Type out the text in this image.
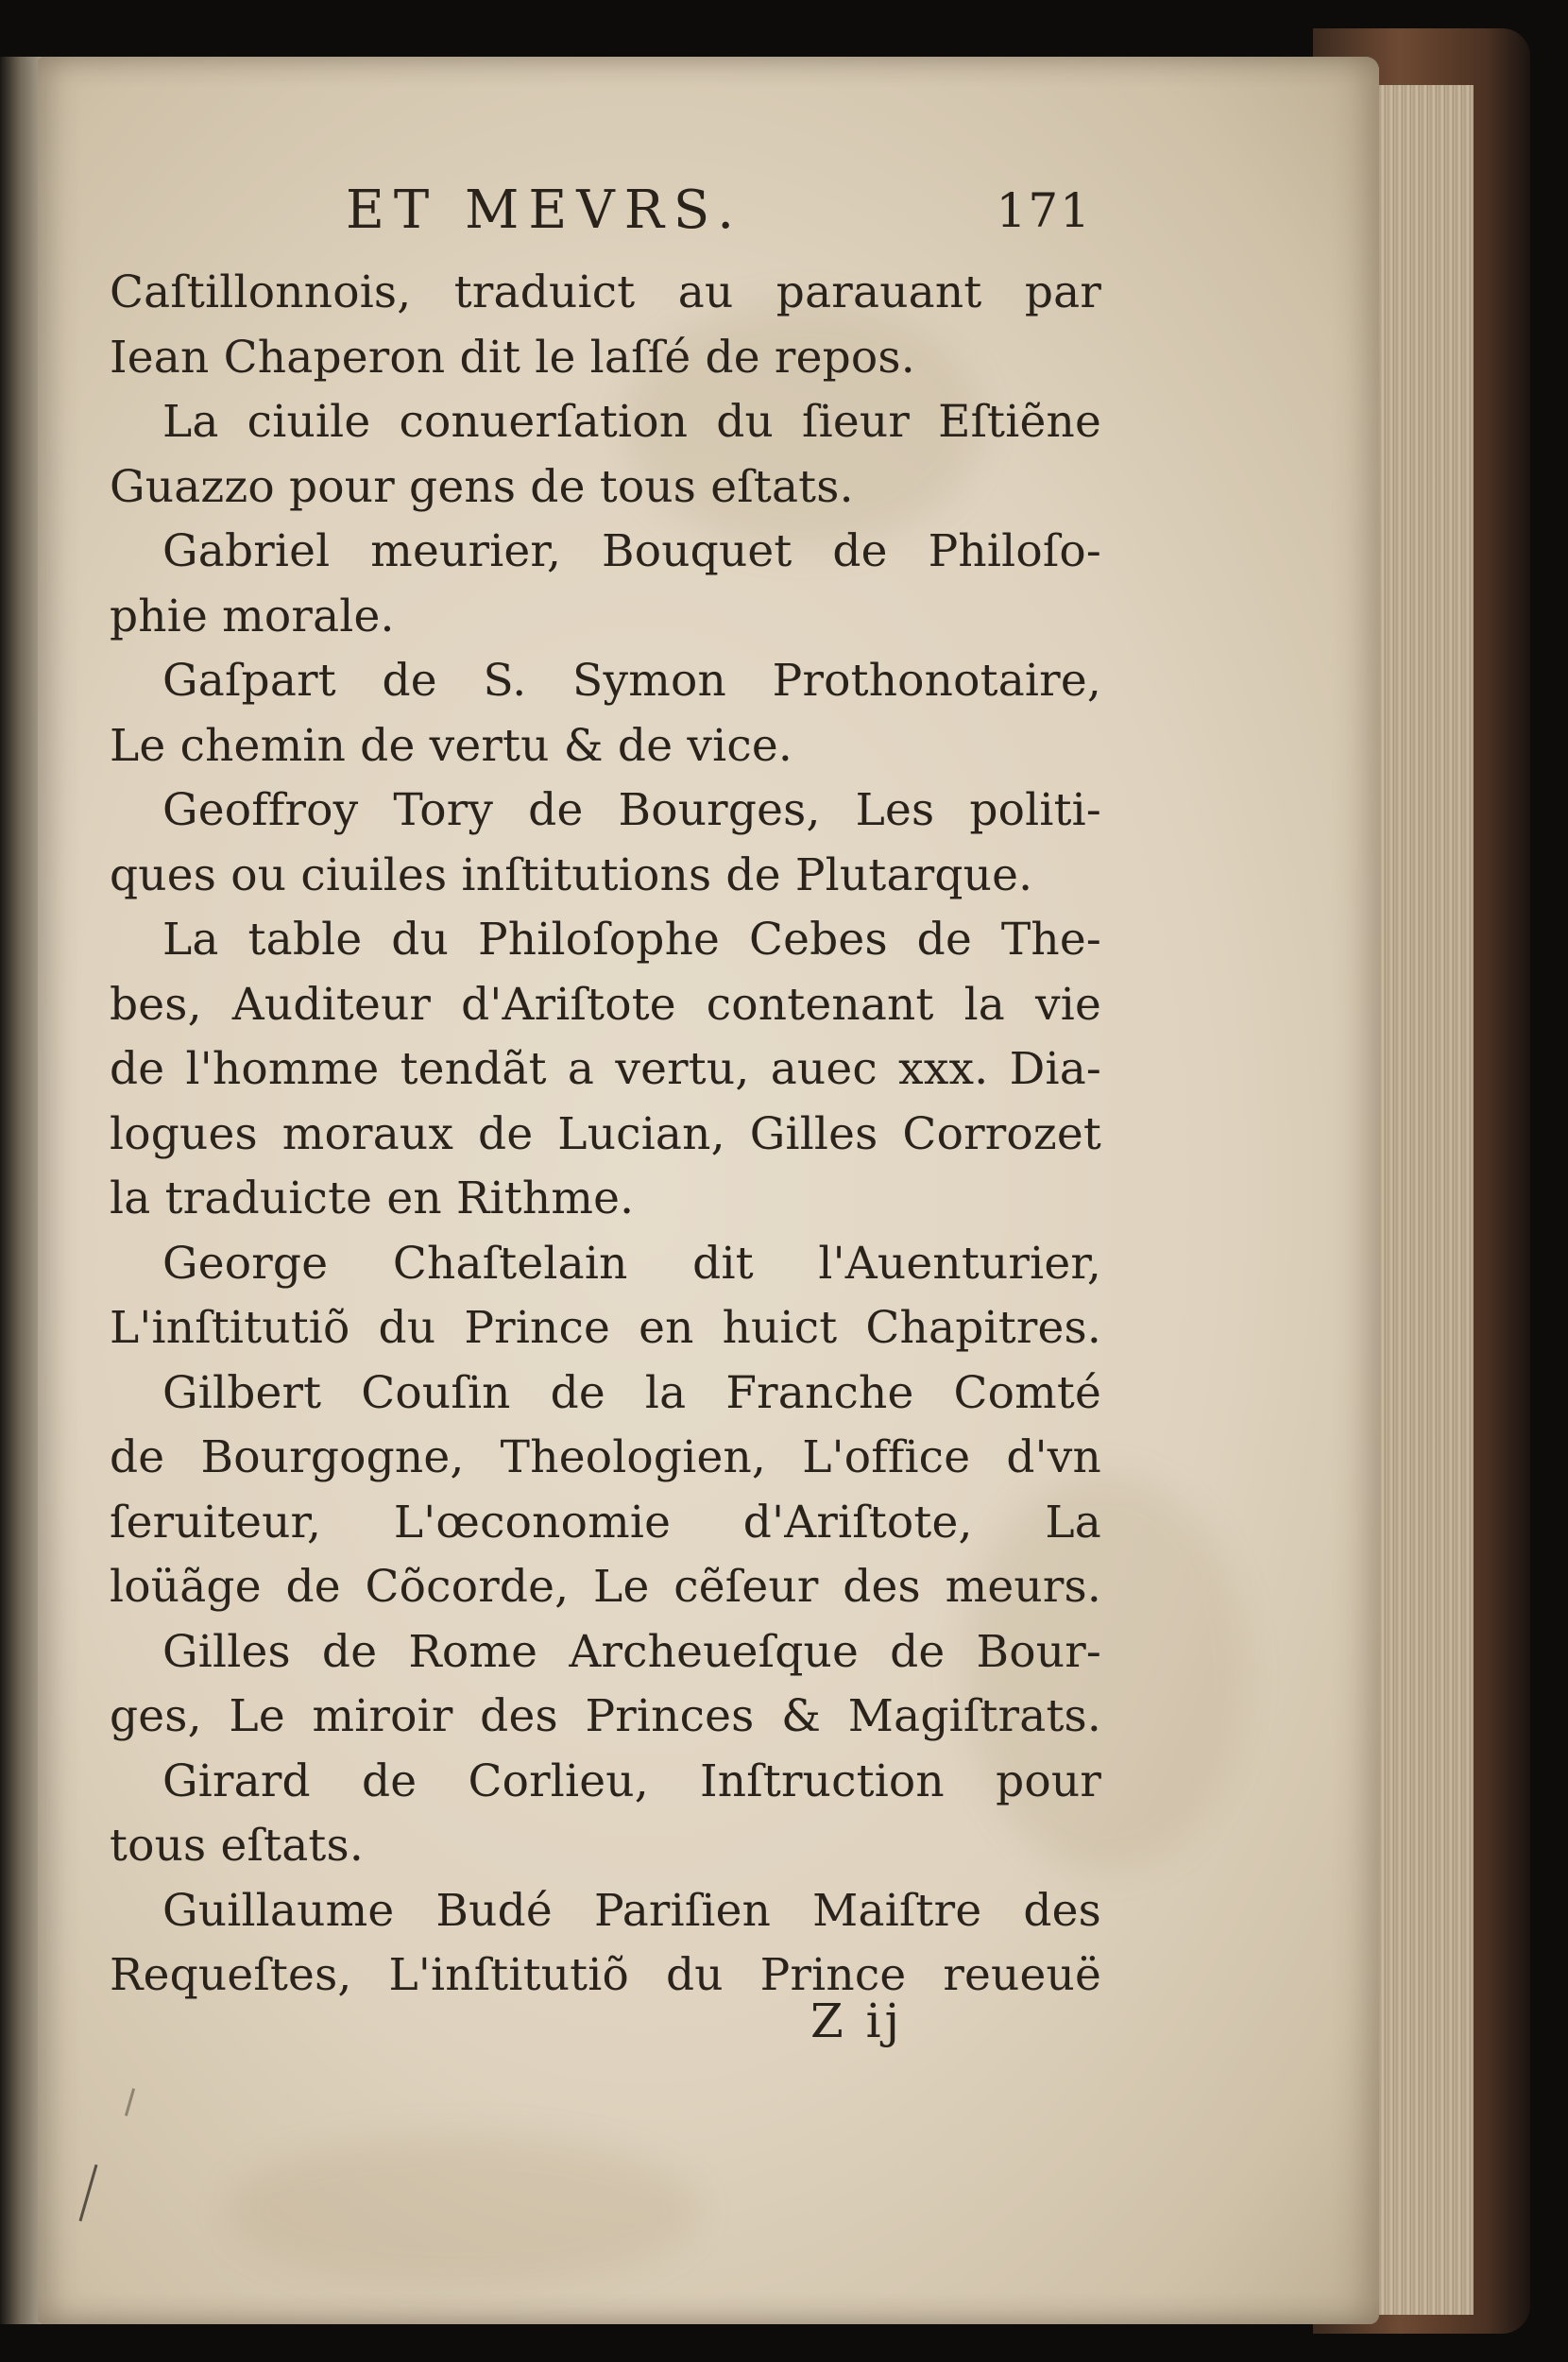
ET MEVRS.	171
Caſtillonnois, traduict au parauant par
Iean Chaperon dit le laſſé de repos.
La ciuile conuerſation du ſieur Eſtiẽne
Guazzo pour gens de tous eſtats.
Gabriel meurier, Bouquet de Philoſo-
phie morale.
Gaſpart de S. Symon Prothonotaire,
Le chemin de vertu & de vice.
Geoffroy Tory de Bourges, Les politi-
ques ou ciuiles inſtitutions de Plutarque.
La table du Philoſophe Cebes de The-
bes, Auditeur d'Ariſtote contenant la vie
de l'homme tendãt a vertu, auec xxx. Dia-
logues moraux de Lucian, Gilles Corrozet
la traduicte en Rithme.
George Chaſtelain dit l'Auenturier,
L'inſtitutiõ du Prince en huict Chapitres.
Gilbert Couſin de la Franche Comté
de Bourgogne, Theologien, L'office d'vn
ſeruiteur, L'œconomie d'Ariſtote, La
loüãge de Cõcorde, Le cẽſeur des meurs.
Gilles de Rome Archeueſque de Bour-
ges, Le miroir des Princes & Magiſtrats.
Girard de Corlieu, Inſtruction pour
tous eſtats.
Guillaume Budé Pariſien Maiſtre des
Requeſtes, L'inſtitutiõ du Prince reueuë
Z ij
